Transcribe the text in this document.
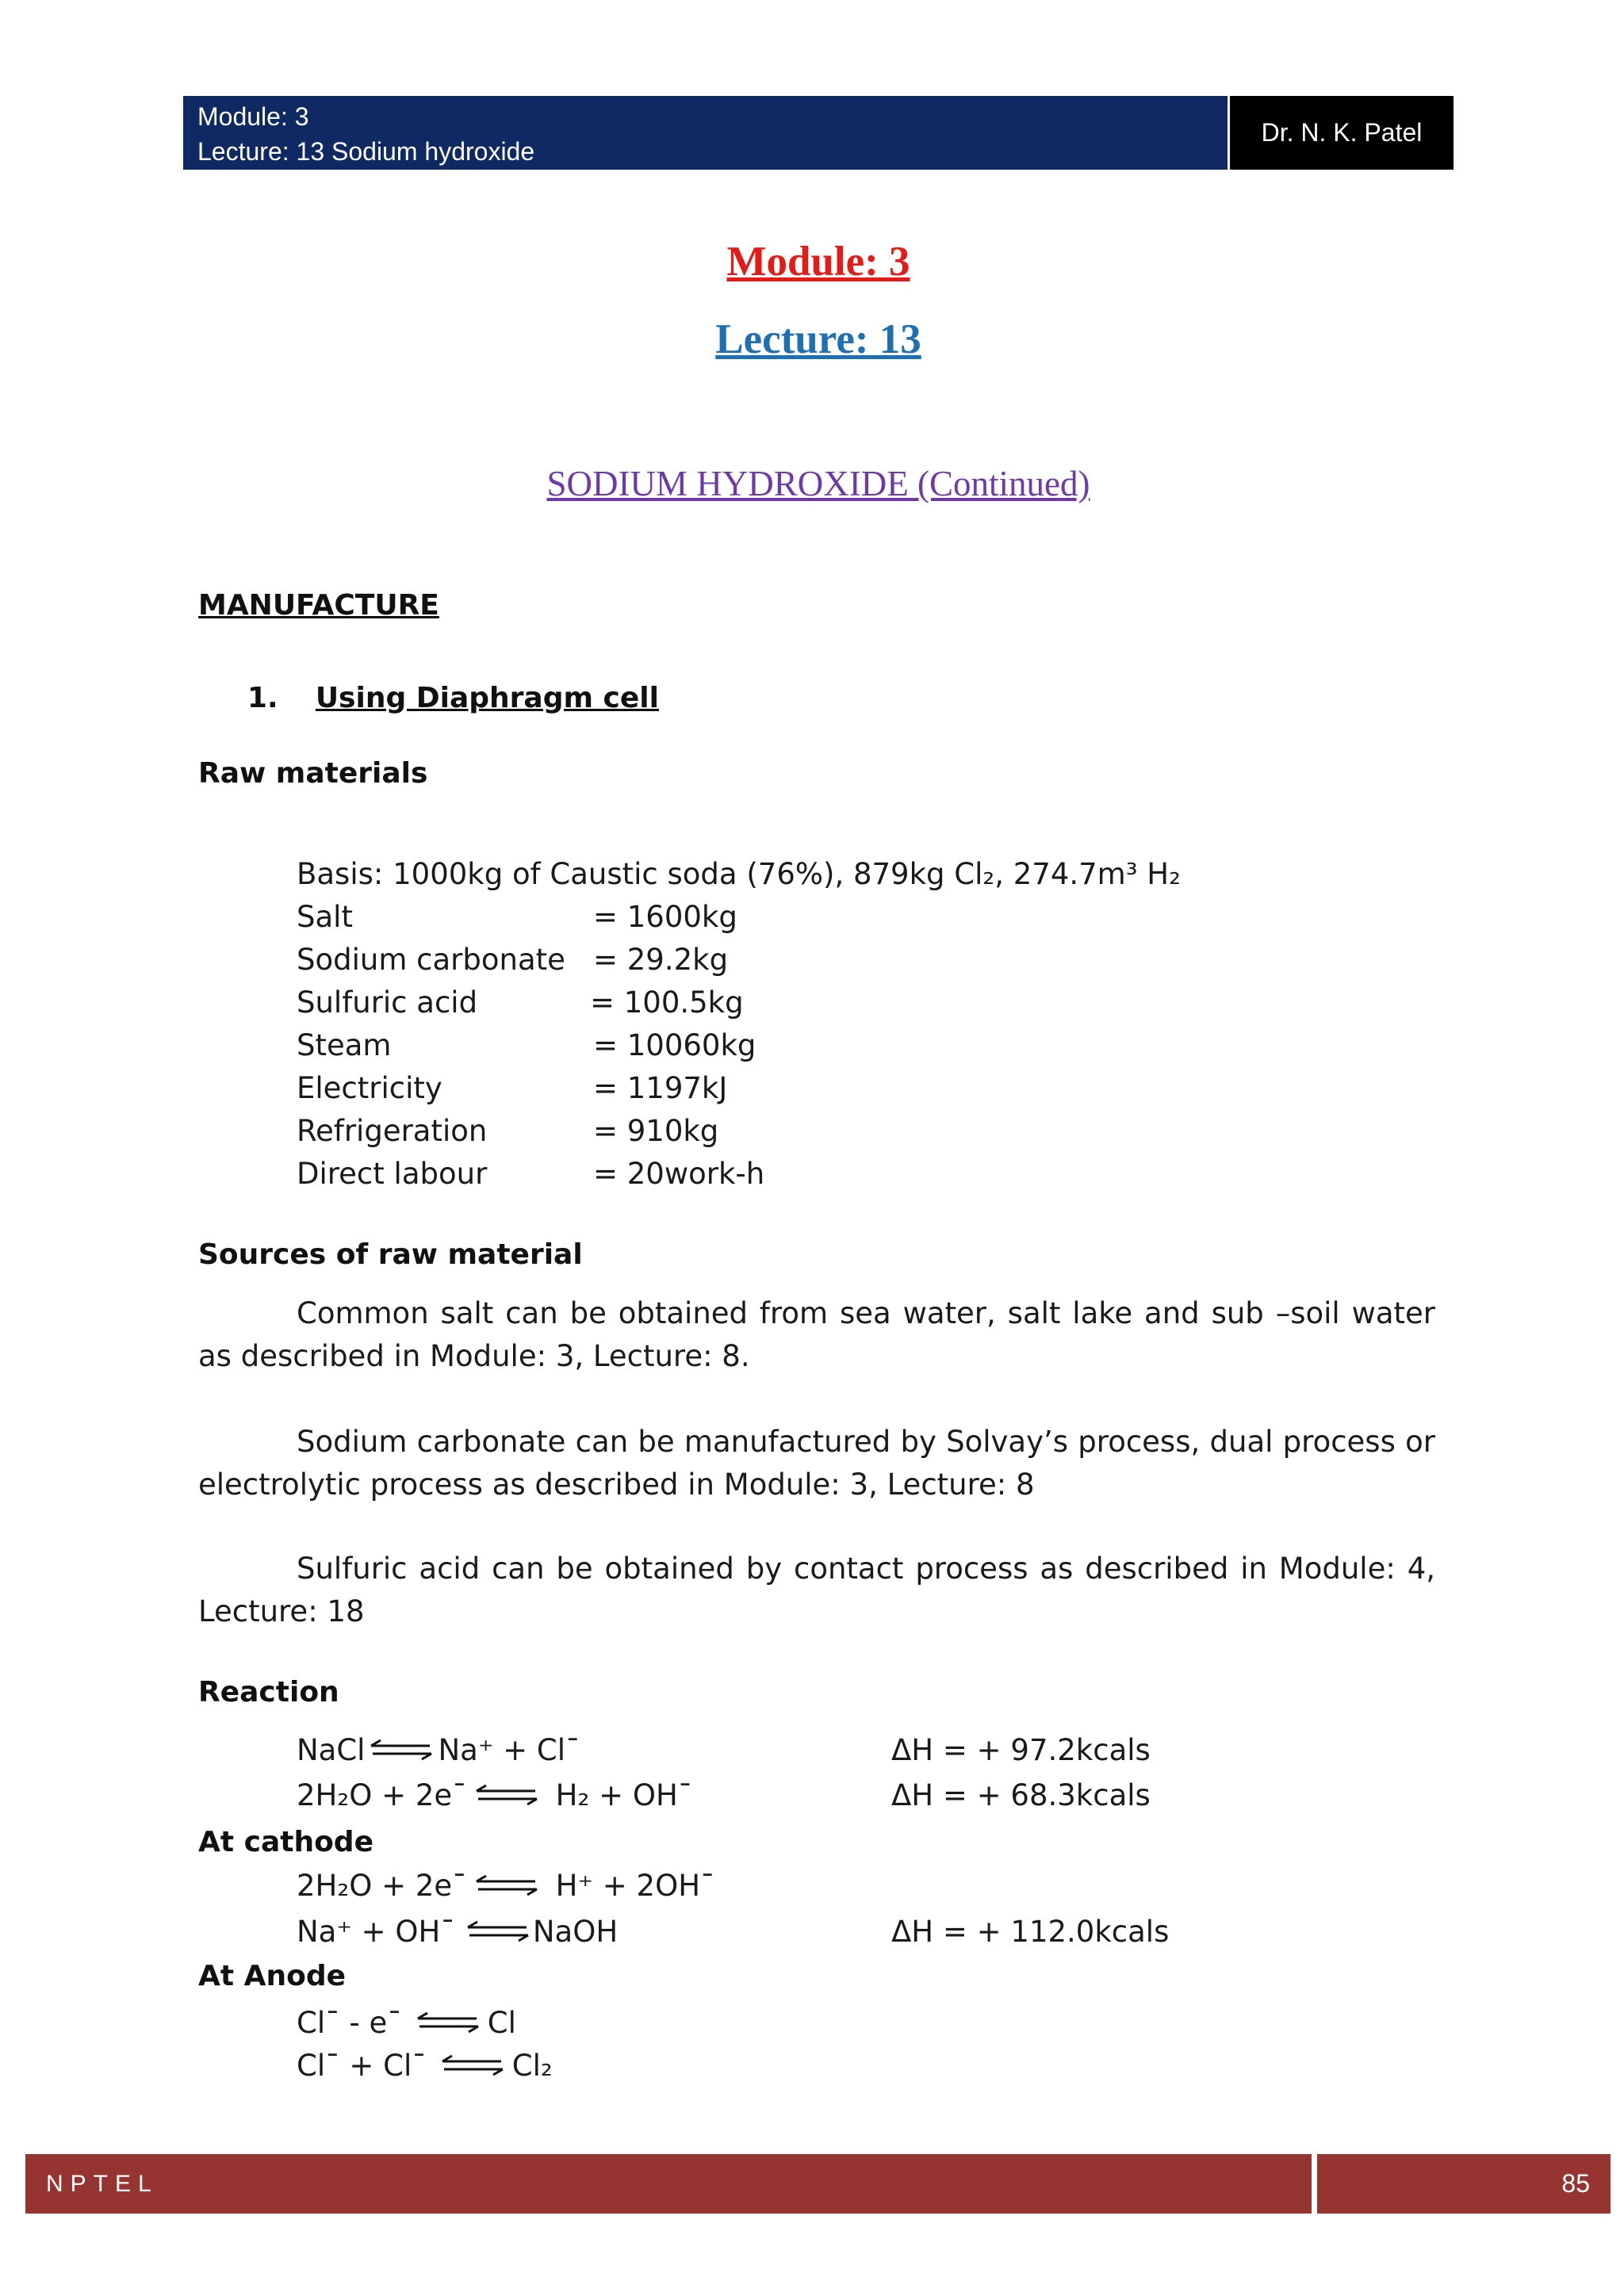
Module: 3
Lecture: 13 Sodium hydroxide
Dr. N. K. Patel
Module: 3
Lecture: 13
SODIUM HYDROXIDE (Continued)
MANUFACTURE
1. Using Diaphragm cell
Raw materials
Basis: 1000kg of Caustic soda (76%), 879kg Cl₂, 274.7m³ H₂
Salt	= 1600kg
Sodium carbonate = 29.2kg
Sulfuric acid	= 100.5kg
Steam	= 10060kg
Electricity	= 1197kJ
Refrigeration	= 910kg
Direct labour	= 20work-h
Sources of raw material
Common salt can be obtained from sea water, salt lake and sub –soil water as described in Module: 3, Lecture: 8.
Sodium carbonate can be manufactured by Solvay’s process, dual process or electrolytic process as described in Module: 3, Lecture: 8
Sulfuric acid can be obtained by contact process as described in Module: 4, Lecture: 18
Reaction
NaCl ⇌ Na⁺ + Cl¯	ΔH = + 97.2kcals
2H₂O + 2e¯ ⇌ H₂ + OH¯	ΔH = + 68.3kcals
At cathode
2H₂O + 2e¯ ⇌ H⁺ + 2OH¯
Na⁺ + OH¯ ⇌ NaOH	ΔH = + 112.0kcals
At Anode
Cl¯ - e¯ ⇌ Cl
Cl¯ + Cl¯ ⇌ Cl₂
NPTEL	85
